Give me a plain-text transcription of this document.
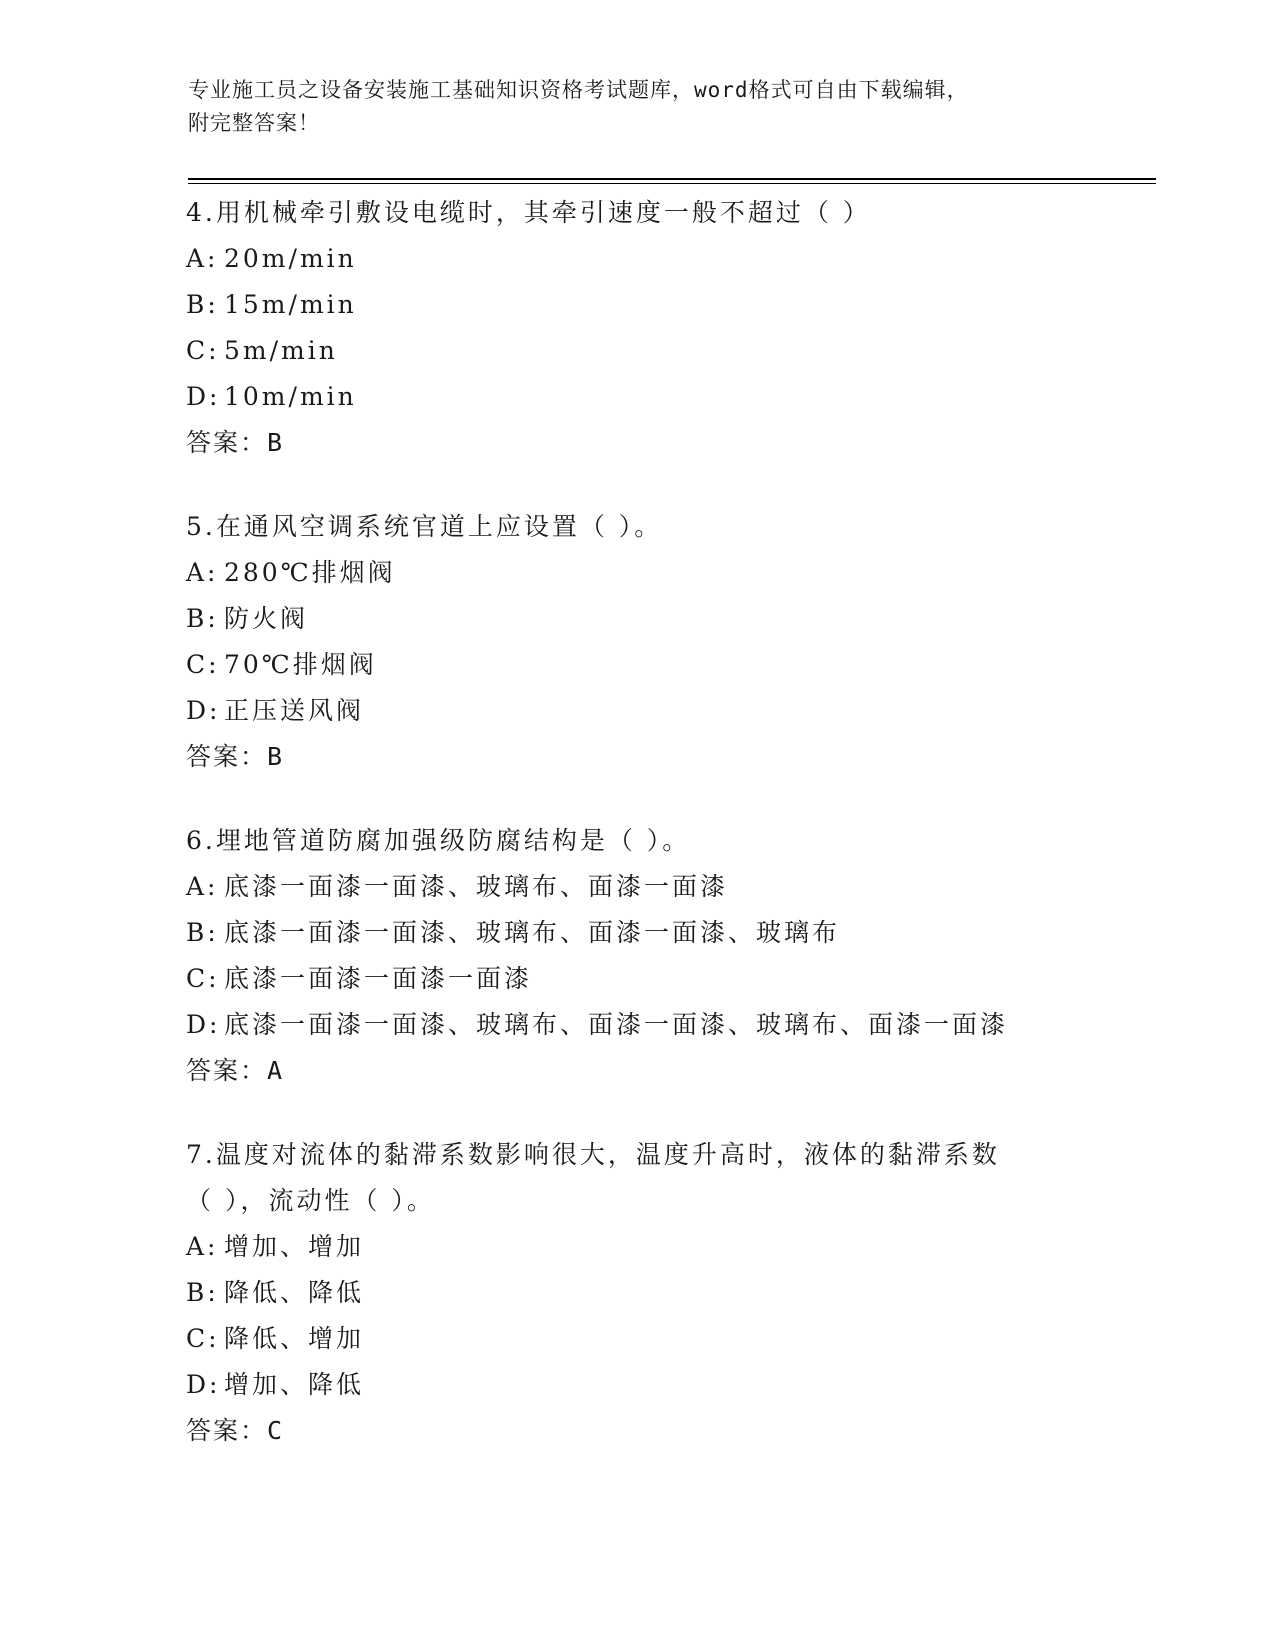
专业施工员之设备安装施工基础知识资格考试题库，word格式可自由下载编辑，
附完整答案！
4.用机械牵引敷设电缆时，其牵引速度一般不超过（ ）
A: 20m/min
B: 15m/min
C: 5m/min
D: 10m/min
答案：B
5.在通风空调系统官道上应设置（ ）。
A: 280℃排烟阀
B: 防火阀
C: 70℃排烟阀
D: 正压送风阀
答案：B
6.埋地管道防腐加强级防腐结构是（ ）。
A: 底漆一面漆一面漆、玻璃布、面漆一面漆
B: 底漆一面漆一面漆、玻璃布、面漆一面漆、玻璃布
C: 底漆一面漆一面漆一面漆
D: 底漆一面漆一面漆、玻璃布、面漆一面漆、玻璃布、面漆一面漆
答案：A
7.温度对流体的黏滞系数影响很大，温度升高时，液体的黏滞系数（ ），流动性（ ）。
A: 增加、增加
B: 降低、降低
C: 降低、增加
D: 增加、降低
答案：C
